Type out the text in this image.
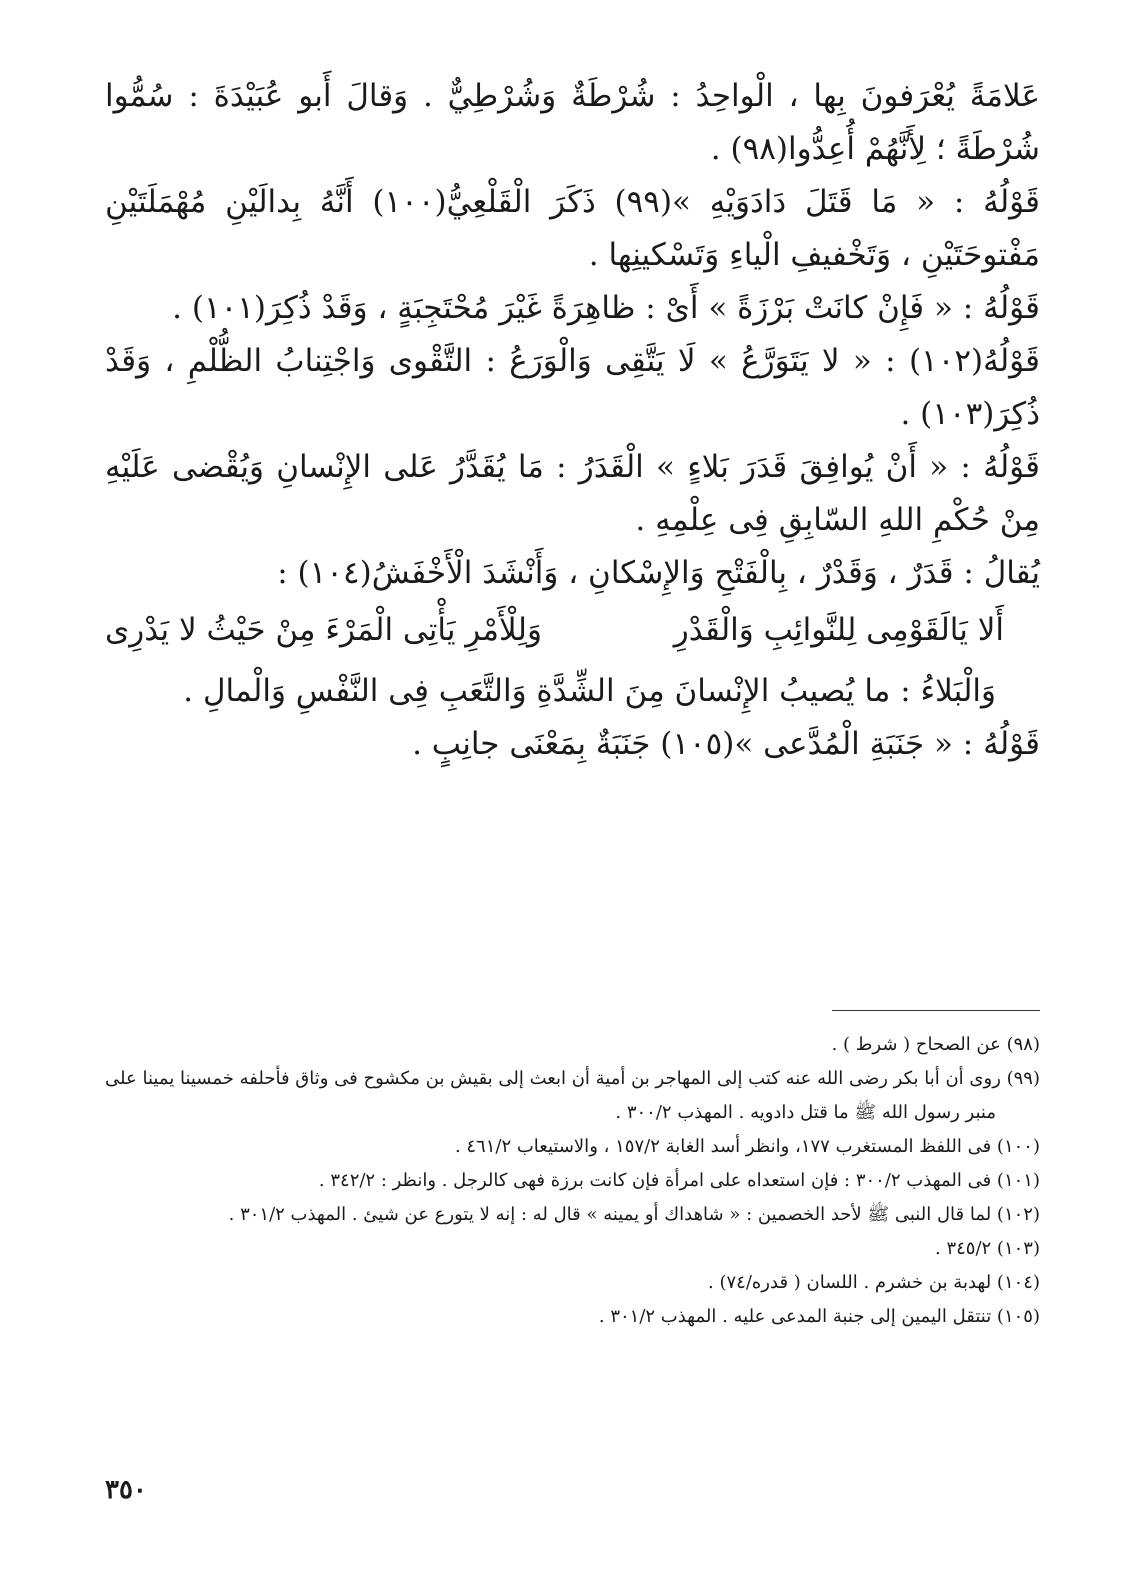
عَلامَةً يُعْرَفونَ بِها ، الْواحِدُ : شُرْطَةٌ وَشُرْطِيٌّ . وَقالَ أَبو عُبَيْدَةَ : سُمُّوا شُرْطَةً ؛ لِأَنَّهُمْ أُعِدُّوا(٩٨) .

قَوْلُهُ : « مَا قَتَلَ دَادَوَيْهِ »(٩٩) ذَكَرَ الْقَلْعِيُّ(١٠٠) أَنَّهُ بِدالَيْنِ مُهْمَلَتَيْنِ مَفْتوحَتَيْنِ ، وَتَخْفيفِ الْياءِ وَتَسْكينِها .

قَوْلُهُ : « فَإِنْ كانَتْ بَرْزَةً » أَىْ : ظاهِرَةً غَيْرَ مُحْتَجِبَةٍ ، وَقَدْ ذُكِرَ(١٠١) .

قَوْلُهُ(١٠٢) : « لا يَتَوَرَّعُ » لَا يَتَّقِى وَالْوَرَعُ : التَّقْوى وَاجْتِنابُ الظُّلْمِ ، وَقَدْ ذُكِرَ(١٠٣) .

قَوْلُهُ : « أَنْ يُوافِقَ قَدَرَ بَلاءٍ » الْقَدَرُ : مَا يُقَدَّرُ عَلى الإِنْسانِ وَيُقْضى عَلَيْهِ مِنْ حُكْمِ اللهِ السّابِقِ فِى عِلْمِهِ .

يُقالُ : قَدَرٌ ، وَقَدْرٌ ، بِالْفَتْحِ وَالإِسْكانِ ، وَأَنْشَدَ الْأَخْفَشُ(١٠٤) :

أَلا يَالَقَوْمِى لِلنَّوائِبِ وَالْقَدْرِ
وَلِلْأَمْرِ يَأْتِى الْمَرْءَ مِنْ حَيْثُ لا يَدْرِى

وَالْبَلاءُ : ما يُصيبُ الإِنْسانَ مِنَ الشِّدَّةِ وَالتَّعَبِ فِى النَّفْسِ وَالْمالِ .

قَوْلُهُ : « جَنَبَةِ الْمُدَّعى »(١٠٥) جَنَبَةٌ بِمَعْنَى جانِبٍ .

(٩٨) عن الصحاح ( شرط ) .

(٩٩) روى أن أبا بكر رضى الله عنه كتب إلى المهاجر بن أمية أن ابعث إلى بقيش بن مكشوح فى وثاق فأحلفه خمسينا يمينا على منبر رسول الله ﷺ ما قتل دادويه . المهذب ٣٠٠/٢ .

(١٠٠) فى اللفظ المستغرب ١٧٧، وانظر أسد الغابة ١٥٧/٢ ، والاستيعاب ٤٦١/٢ .

(١٠١) فى المهذب ٣٠٠/٢ : فإن استعداه على امرأة فإن كانت برزة فهى كالرجل . وانظر : ٣٤٢/٢ .

(١٠٢) لما قال النبى ﷺ لأحد الخصمين : « شاهداك أو يمينه » قال له : إنه لا يتورع عن شيئ . المهذب ٣٠١/٢ .

(١٠٣) ٣٤٥/٢ .

(١٠٤) لهدبة بن خشرم . اللسان ( قدره/٧٤) .

(١٠٥) تنتقل اليمين إلى جنبة المدعى عليه . المهذب ٣٠١/٢ .

٣٥٠
